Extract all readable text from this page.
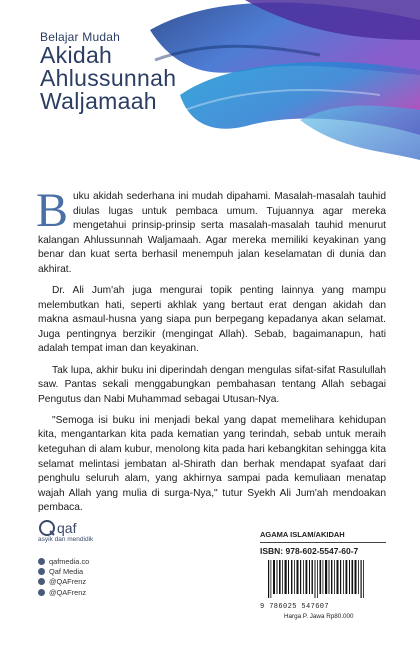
Belajar Mudah
Akidah
Ahlussunnah
Waljamaah

Buku akidah sederhana ini mudah dipahami. Masalah-masalah tauhid diulas lugas untuk pembaca umum. Tujuannya agar mereka mengetahui prinsip-prinsip serta masalah-masalah tauhid menurut kalangan Ahlussunnah Waljamaah. Agar mereka memiliki keyakinan yang benar dan kuat serta berhasil menempuh jalan keselamatan di dunia dan akhirat.

Dr. Ali Jum'ah juga mengurai topik penting lainnya yang mampu melembutkan hati, seperti akhlak yang bertaut erat dengan akidah dan makna asmaul-husna yang siapa pun berpegang kepadanya akan selamat. Juga pentingnya berzikir (mengingat Allah). Sebab, bagaimanapun, hati adalah tempat iman dan keyakinan.

Tak lupa, akhir buku ini diperindah dengan mengulas sifat-sifat Rasulullah saw. Pantas sekali menggabungkan pembahasan tentang Allah sebagai Pengutus dan Nabi Muhammad sebagai Utusan-Nya.

"Semoga isi buku ini menjadi bekal yang dapat memelihara kehidupan kita, mengantarkan kita pada kematian yang terindah, sebab untuk meraih keteguhan di alam kubur, menolong kita pada hari kebangkitan sehingga kita selamat melintasi jembatan al-Shirath dan berhak mendapat syafaat dari penghulu seluruh alam, yang akhirnya sampai pada kemuliaan menatap wajah Allah yang mulia di surga-Nya," tutur Syekh Ali Jum'ah mendoakan pembaca.

qaf
asyik dan mendidik
qafmedia.co
Qaf Media
@QAFrenz
@QAFrenz
AGAMA ISLAM/AKIDAH
ISBN: 978-602-5547-60-7
9 786025 547607
Harga P. Jawa Rp80.000
